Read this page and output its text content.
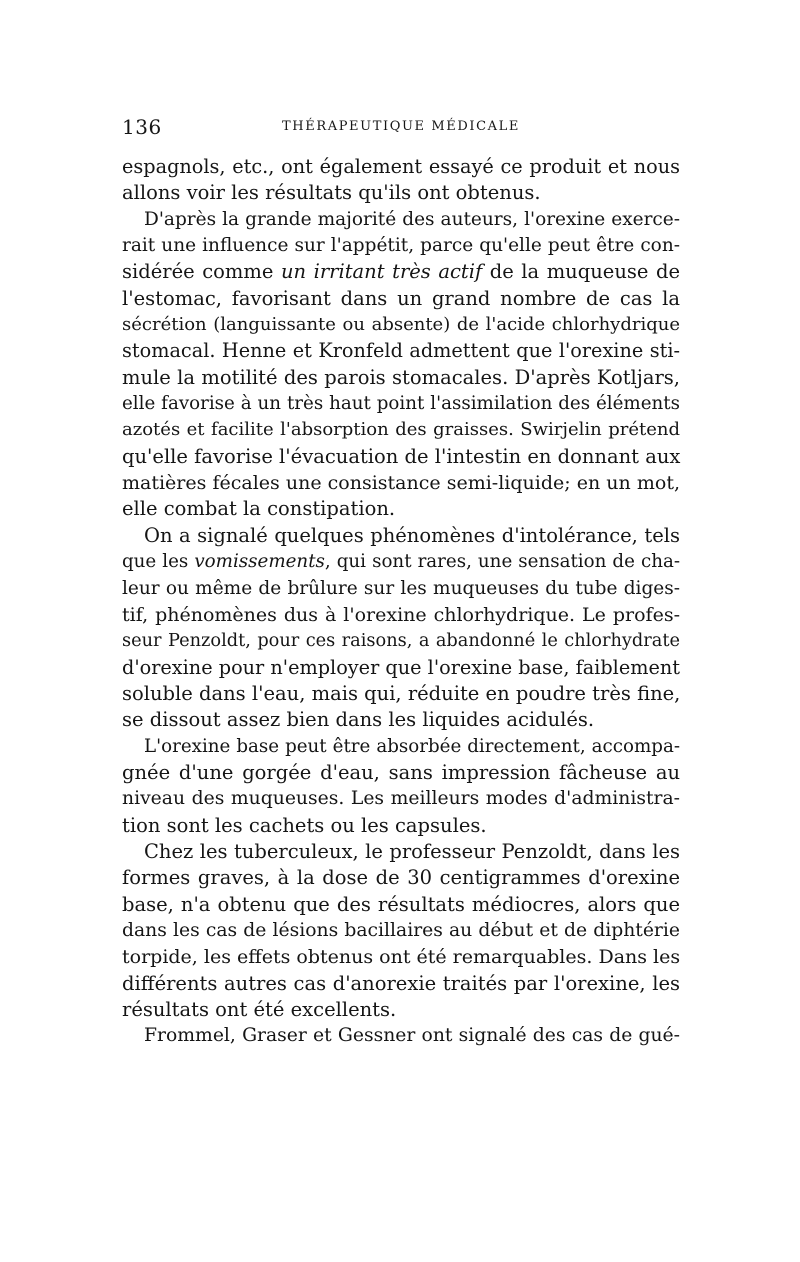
136	THÉRAPEUTIQUE MÉDICALE
espagnols, etc., ont également essayé ce produit et nous
allons voir les résultats qu'ils ont obtenus.
D'après la grande majorité des auteurs, l'orexine exerce-
rait une influence sur l'appétit, parce qu'elle peut être con-
sidérée comme un irritant très actif de la muqueuse de
l'estomac, favorisant dans un grand nombre de cas la
sécrétion (languissante ou absente) de l'acide chlorhydrique
stomacal. Henne et Kronfeld admettent que l'orexine sti-
mule la motilité des parois stomacales. D'après Kotljars,
elle favorise à un très haut point l'assimilation des éléments
azotés et facilite l'absorption des graisses. Swirjelin prétend
qu'elle favorise l'évacuation de l'intestin en donnant aux
matières fécales une consistance semi-liquide; en un mot,
elle combat la constipation.
On a signalé quelques phénomènes d'intolérance, tels
que les vomissements, qui sont rares, une sensation de cha-
leur ou même de brûlure sur les muqueuses du tube diges-
tif, phénomènes dus à l'orexine chlorhydrique. Le profes-
seur Penzoldt, pour ces raisons, a abandonné le chlorhydrate
d'orexine pour n'employer que l'orexine base, faiblement
soluble dans l'eau, mais qui, réduite en poudre très fine,
se dissout assez bien dans les liquides acidulés.
L'orexine base peut être absorbée directement, accompa-
gnée d'une gorgée d'eau, sans impression fâcheuse au
niveau des muqueuses. Les meilleurs modes d'administra-
tion sont les cachets ou les capsules.
Chez les tuberculeux, le professeur Penzoldt, dans les
formes graves, à la dose de 30 centigrammes d'orexine
base, n'a obtenu que des résultats médiocres, alors que
dans les cas de lésions bacillaires au début et de diphtérie
torpide, les effets obtenus ont été remarquables. Dans les
différents autres cas d'anorexie traités par l'orexine, les
résultats ont été excellents.
Frommel, Graser et Gessner ont signalé des cas de gué-
